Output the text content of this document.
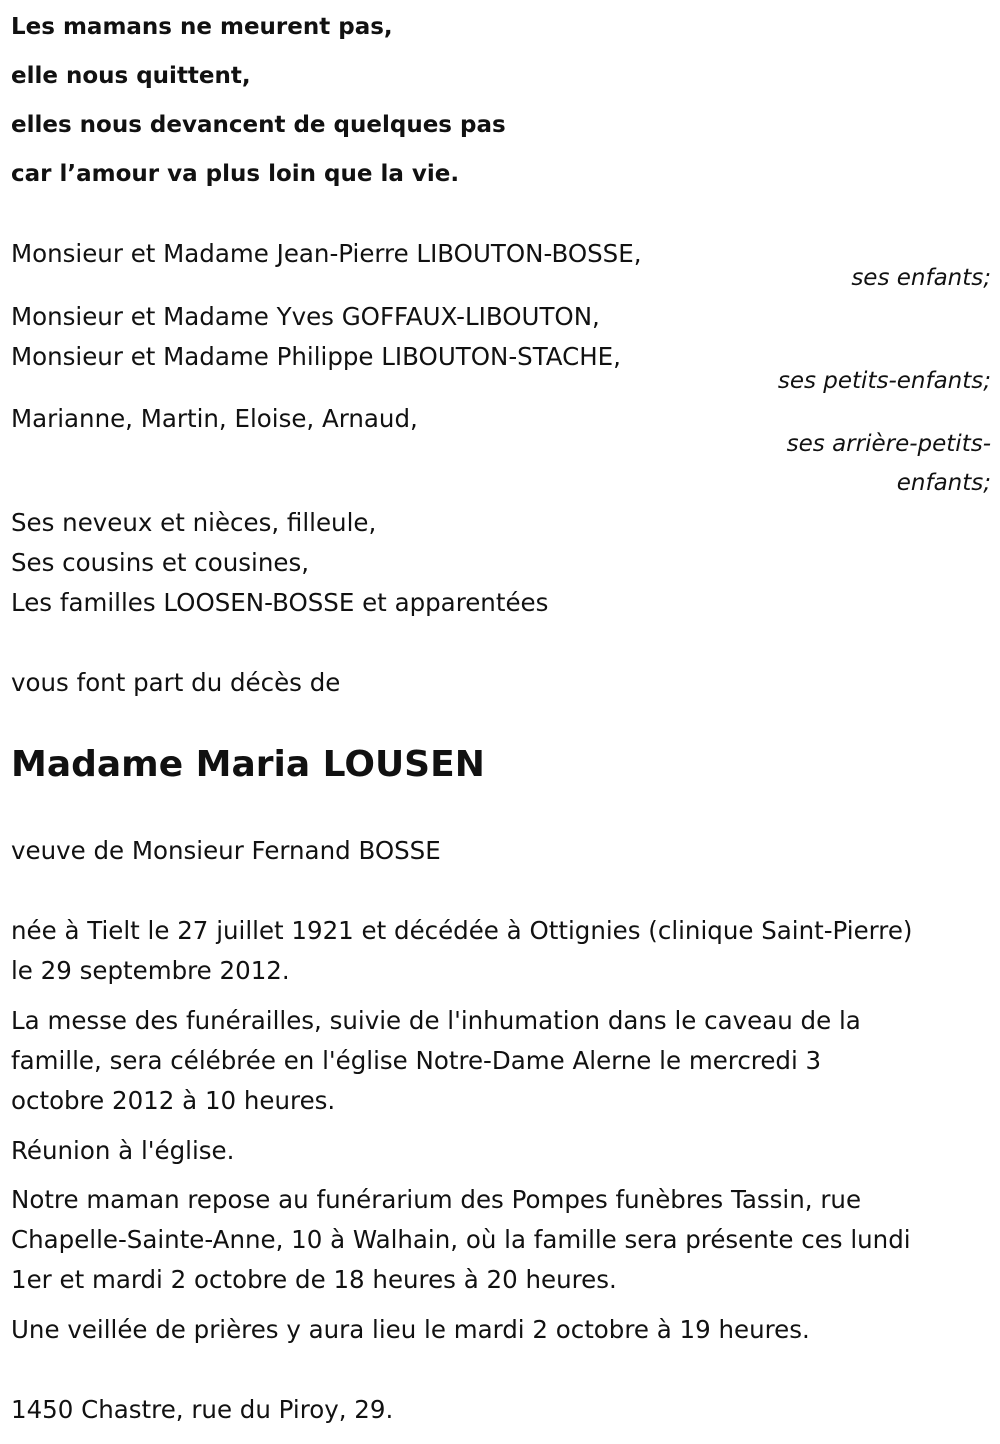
Les mamans ne meurent pas,
elle nous quittent,
elles nous devancent de quelques pas
car l’amour va plus loin que la vie.
Monsieur et Madame Jean-Pierre LIBOUTON-BOSSE,
ses enfants;
Monsieur et Madame Yves GOFFAUX-LIBOUTON,
Monsieur et Madame Philippe LIBOUTON-STACHE,
ses petits-enfants;
Marianne, Martin, Eloise, Arnaud,
ses arrière-petits-
enfants;
Ses neveux et nièces, filleule,
Ses cousins et cousines,
Les familles LOOSEN-BOSSE et apparentées
vous font part du décès de
Madame Maria LOUSEN
veuve de Monsieur Fernand BOSSE
née à Tielt le 27 juillet 1921 et décédée à Ottignies (clinique Saint-Pierre)
le 29 septembre 2012.
La messe des funérailles, suivie de l'inhumation dans le caveau de la
famille, sera célébrée en l'église Notre-Dame Alerne le mercredi 3
octobre 2012 à 10 heures.
Réunion à l'église.
Notre maman repose au funérarium des Pompes funèbres Tassin, rue
Chapelle-Sainte-Anne, 10 à Walhain, où la famille sera présente ces lundi
1er et mardi 2 octobre de 18 heures à 20 heures.
Une veillée de prières y aura lieu le mardi 2 octobre à 19 heures.
1450 Chastre, rue du Piroy, 29.
